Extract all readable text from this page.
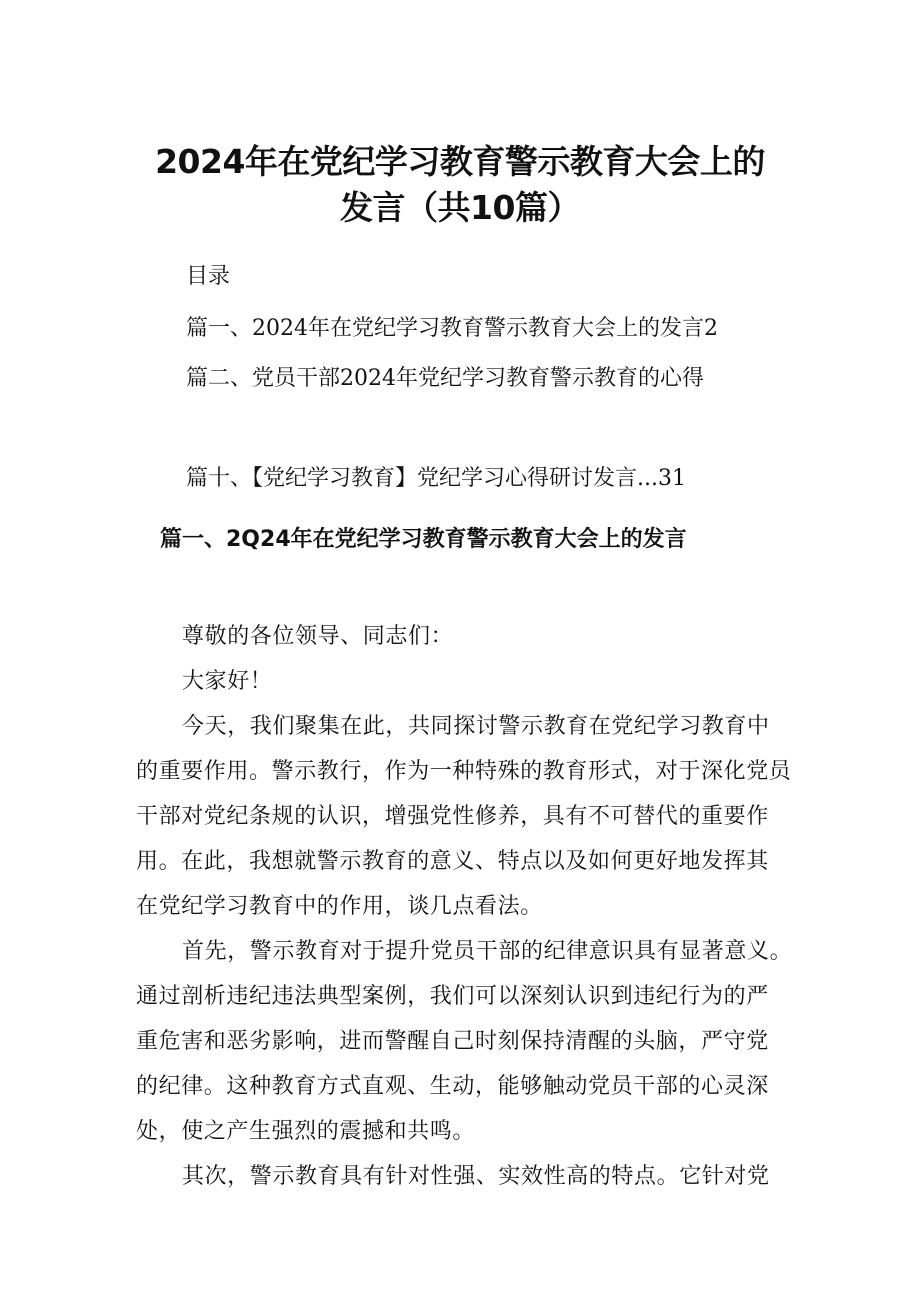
2024年在党纪学习教育警示教育大会上的
发言（共10篇）
目录
篇一、2024年在党纪学习教育警示教育大会上的发言2
篇二、党员干部2024年党纪学习教育警示教育的心得
篇十、【党纪学习教育】党纪学习心得研讨发言...31
篇一、2Q24年在党纪学习教育警示教育大会上的发言
尊敬的各位领导、同志们：
大家好！
今天，我们聚集在此，共同探讨警示教育在党纪学习教育中
的重要作用。警示教行，作为一种特殊的教育形式，对于深化党员
干部对党纪条规的认识，增强党性修养，具有不可替代的重要作
用。在此，我想就警示教育的意义、特点以及如何更好地发挥其
在党纪学习教育中的作用，谈几点看法。
首先，警示教育对于提升党员干部的纪律意识具有显著意义。
通过剖析违纪违法典型案例，我们可以深刻认识到违纪行为的严
重危害和恶劣影响，进而警醒自己时刻保持清醒的头脑，严守党
的纪律。这种教育方式直观、生动，能够触动党员干部的心灵深
处，使之产生强烈的震撼和共鸣。
其次，警示教育具有针对性强、实效性高的特点。它针对党
